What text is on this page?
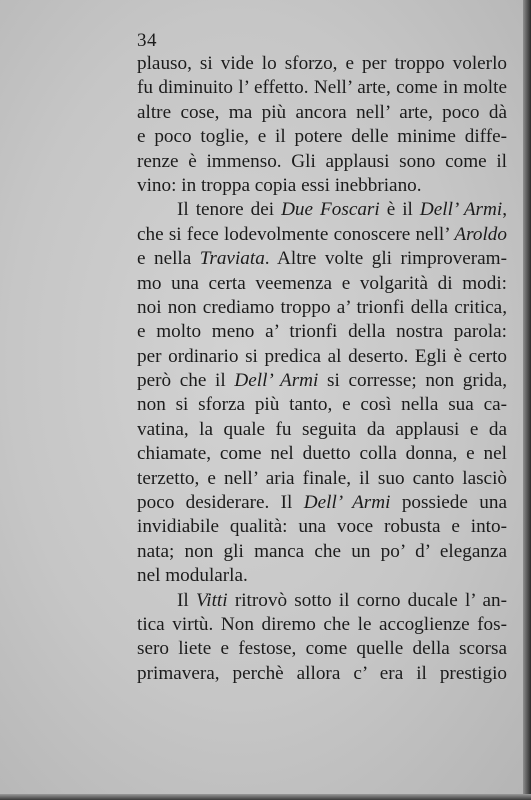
34
plauso, si vide lo sforzo, e per troppo volerlo
fu diminuito l’ effetto. Nell’ arte, come in molte
altre cose, ma più ancora nell’ arte, poco dà
e poco toglie, e il potere delle minime diffe-
renze è immenso. Gli applausi sono come il
vino: in troppa copia essi inebbriano.
Il tenore dei Due Foscari è il Dell’ Armi,
che si fece lodevolmente conoscere nell’ Aroldo
e nella Traviata. Altre volte gli rimproveram-
mo una certa veemenza e volgarità di modi:
noi non crediamo troppo a’ trionfi della critica,
e molto meno a’ trionfi della nostra parola:
per ordinario si predica al deserto. Egli è certo
però che il Dell’ Armi si corresse; non grida,
non si sforza più tanto, e così nella sua ca-
vatina, la quale fu seguita da applausi e da
chiamate, come nel duetto colla donna, e nel
terzetto, e nell’ aria finale, il suo canto lasciò
poco desiderare. Il Dell’ Armi possiede una
invidiabile qualità: una voce robusta e into-
nata; non gli manca che un po’ d’ eleganza
nel modularla.
Il Vitti ritrovò sotto il corno ducale l’ an-
tica virtù. Non diremo che le accoglienze fos-
sero liete e festose, come quelle della scorsa
primavera, perchè allora c’ era il prestigio
